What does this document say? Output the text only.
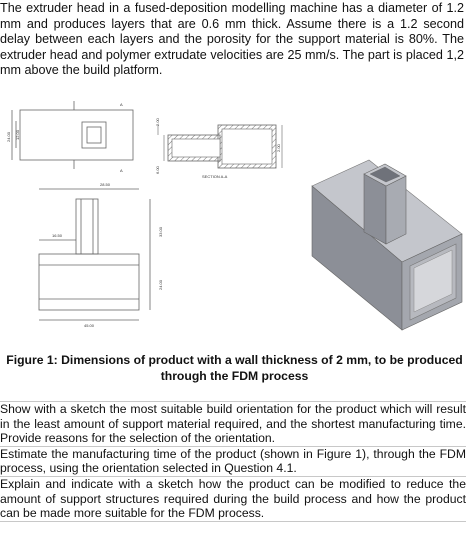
The extruder head in a fused-deposition modelling machine has a diameter of 1.2 mm and produces layers that are 0.6 mm thick. Assume there is a 1.2 second delay between each layers and the porosity for the support material is 80%. The extruder head and polymer extrudate velocities are 25 mm/s. The part is placed 1,2 mm above the build platform.
24.00 12.00
A
A
2.00
6.00
2.00
SECTION A-A
28.50
16.50	33.00
24.00
45.00
Figure 1: Dimensions of product with a wall thickness of 2 mm, to be produced through the FDM process
Show with a sketch the most suitable build orientation for the product which will result in the least amount of support material required, and the shortest manufacturing time. Provide reasons for the selection of the orientation.
Estimate the manufacturing time of the product (shown in Figure 1), through the FDM process, using the orientation selected in Question 4.1.
Explain and indicate with a sketch how the product can be modified to reduce the amount of support structures required during the build process and how the product can be made more suitable for the FDM process.
